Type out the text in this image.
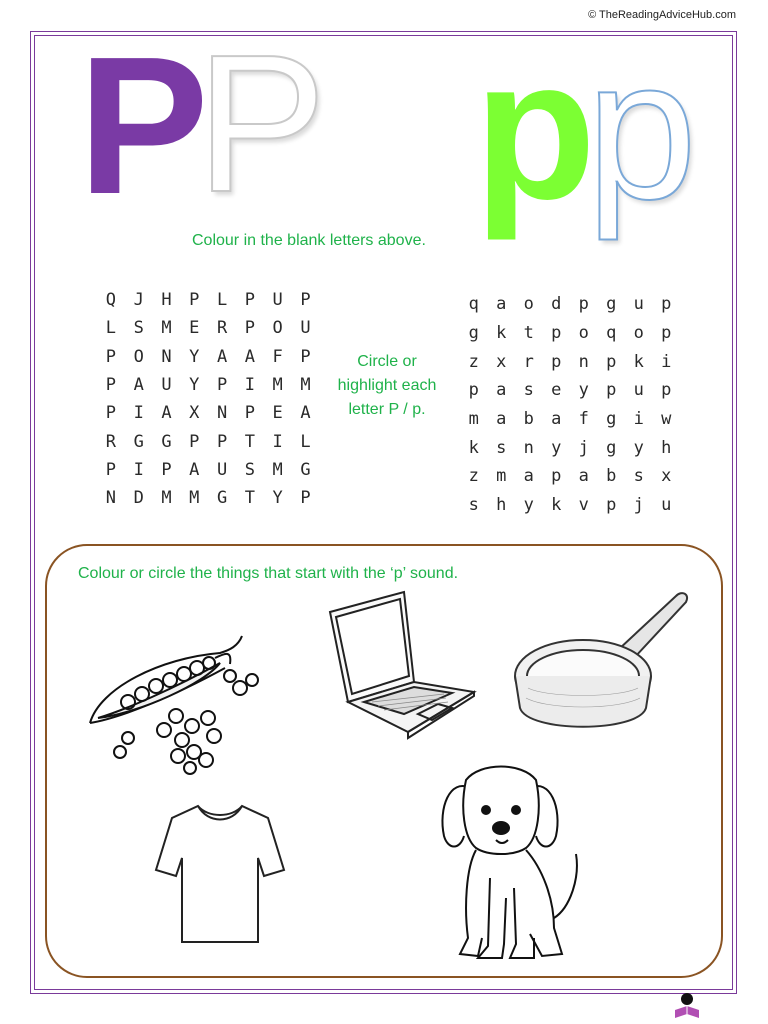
© TheReadingAdviceHub.com
P
P p
p
Colour in the blank letters above.
Q	J	H	P	L	P	U	P
L	S	M	E	R	P	O	U
P	O	N	Y	A	A	F	P
P	A	U	Y	P	I	M	M
P	I	A	X	N	P	E	A
R	G	G	P	P	T	I	L
P	I	P	A	U	S	M	G
N	D	M	M	G	T	Y	P
Circle or
highlight each
letter P / p.
q	a	o	d	p	g	u	p
g	k	t	p	o	q	o	p
z	x	r	p	n	p	k	i
p	a	s	e	y	p	u	p
m	a	b	a	f	g	i	w
k	s	n	y	j	g	y	h
z	m	a	p	a	b	s	x
s	h	y	k	v	p	j	u
Colour or circle the things that start with the ‘p’ sound.
